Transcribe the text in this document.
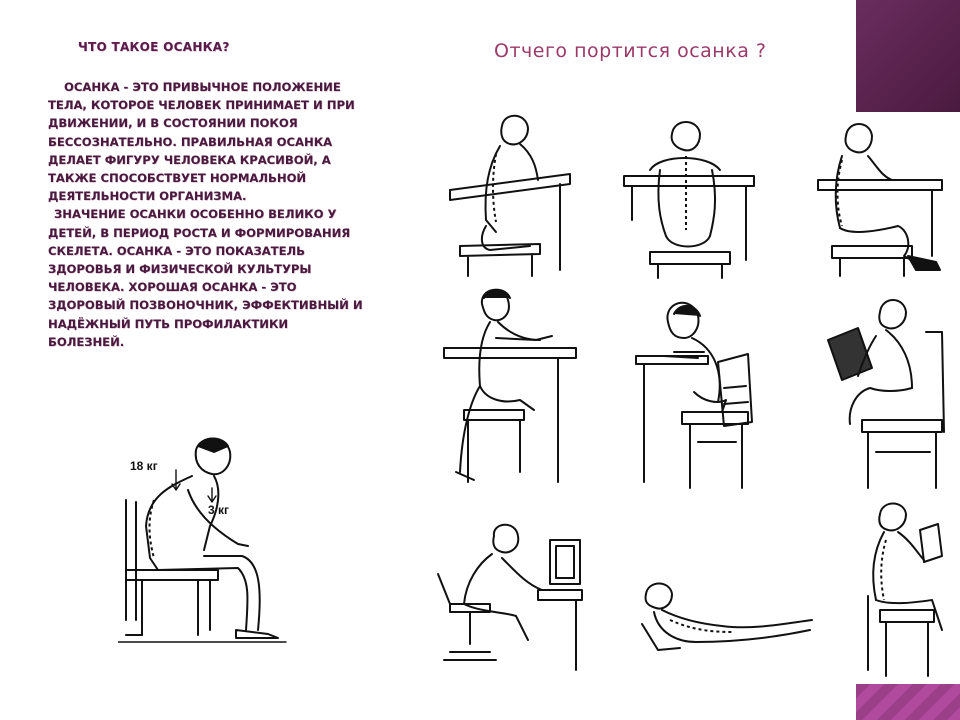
ЧТО ТАКОЕ ОСАНКА?

ОСАНКА - ЭТО ПРИВЫЧНОЕ ПОЛОЖЕНИЕ ТЕЛА, КОТОРОЕ ЧЕЛОВЕК ПРИНИМАЕТ И ПРИ ДВИЖЕНИИ, И В СОСТОЯНИИ ПОКОЯ БЕССОЗНАТЕЛЬНО. ПРАВИЛЬНАЯ ОСАНКА ДЕЛАЕТ ФИГУРУ ЧЕЛОВЕКА КРАСИВОЙ, А ТАКЖЕ СПОСОБСТВУЕТ НОРМАЛЬНОЙ ДЕЯТЕЛЬНОСТИ ОРГАНИЗМА.

ЗНАЧЕНИЕ ОСАНКИ ОСОБЕННО ВЕЛИКО У ДЕТЕЙ, В ПЕРИОД РОСТА И ФОРМИРОВАНИЯ СКЕЛЕТА. ОСАНКА - ЭТО ПОКАЗАТЕЛЬ ЗДОРОВЬЯ И ФИЗИЧЕСКОЙ КУЛЬТУРЫ ЧЕЛОВЕКА. ХОРОШАЯ ОСАНКА - ЭТО ЗДОРОВЫЙ ПОЗВОНОЧНИК, ЭФФЕКТИВНЫЙ И НАДЁЖНЫЙ ПУТЬ ПРОФИЛАКТИКИ БОЛЕЗНЕЙ.

Отчего портится осанка ?
18 кг
3 кг
